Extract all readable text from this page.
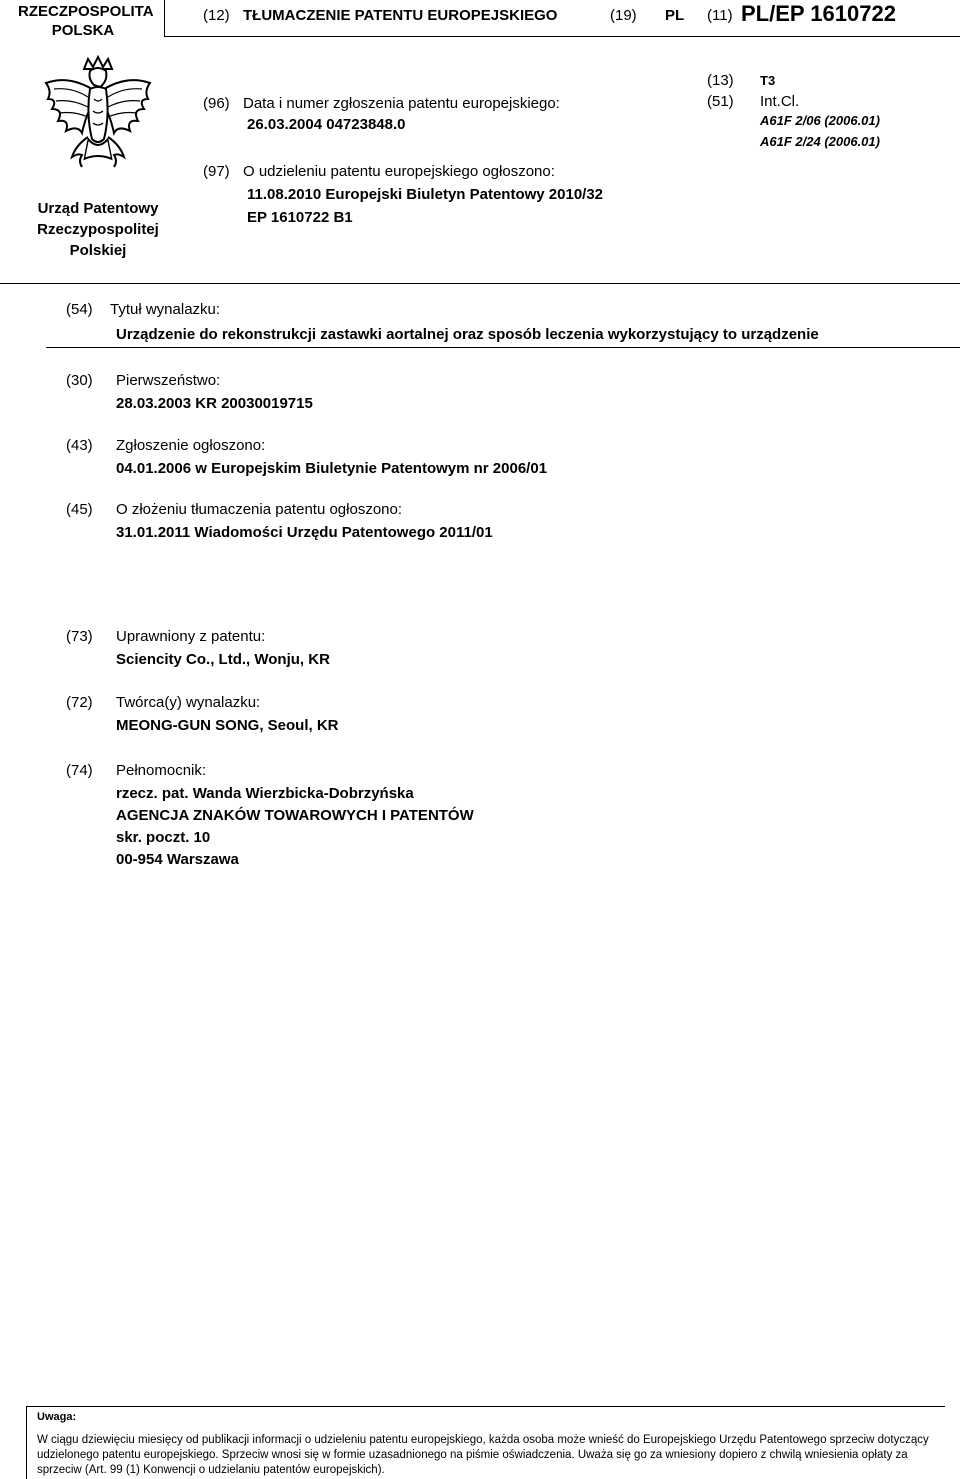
RZECZPOSPOLITA
POLSKA
(12) TŁUMACZENIE PATENTU EUROPEJSKIEGO	(19) PL (11) PL/EP 1610722
Urząd Patentowy
Rzeczypospolitej
Polskiej
(96) Data i numer zgłoszenia patentu europejskiego:
26.03.2004 04723848.0
(97) O udzieleniu patentu europejskiego ogłoszono:
11.08.2010 Europejski Biuletyn Patentowy 2010/32
EP 1610722 B1
(13) T3
(51) Int.Cl.
A61F 2/06 (2006.01)
A61F 2/24 (2006.01)
(54) Tytuł wynalazku:
Urządzenie do rekonstrukcji zastawki aortalnej oraz sposób leczenia wykorzystujący to urządzenie
(30) Pierwszeństwo:
28.03.2003 KR 20030019715
(43) Zgłoszenie ogłoszono:
04.01.2006 w Europejskim Biuletynie Patentowym nr 2006/01
(45) O złożeniu tłumaczenia patentu ogłoszono:
31.01.2011 Wiadomości Urzędu Patentowego 2011/01
(73) Uprawniony z patentu:
Sciencity Co., Ltd., Wonju, KR
(72) Twórca(y) wynalazku:
MEONG-GUN SONG, Seoul, KR
(74) Pełnomocnik:
rzecz. pat. Wanda Wierzbicka-Dobrzyńska
AGENCJA ZNAKÓW TOWAROWYCH I PATENTÓW
skr. poczt. 10
00-954 Warszawa
Uwaga:
W ciągu dziewięciu miesięcy od publikacji informacji o udzieleniu patentu europejskiego, każda osoba może wnieść do Europejskiego Urzędu Patentowego sprzeciw dotyczący udzielonego patentu europejskiego. Sprzeciw wnosi się w formie uzasadnionego na piśmie oświadczenia. Uważa się go za wniesiony dopiero z chwilą wniesienia opłaty za sprzeciw (Art. 99 (1) Konwencji o udzielaniu patentów europejskich).
